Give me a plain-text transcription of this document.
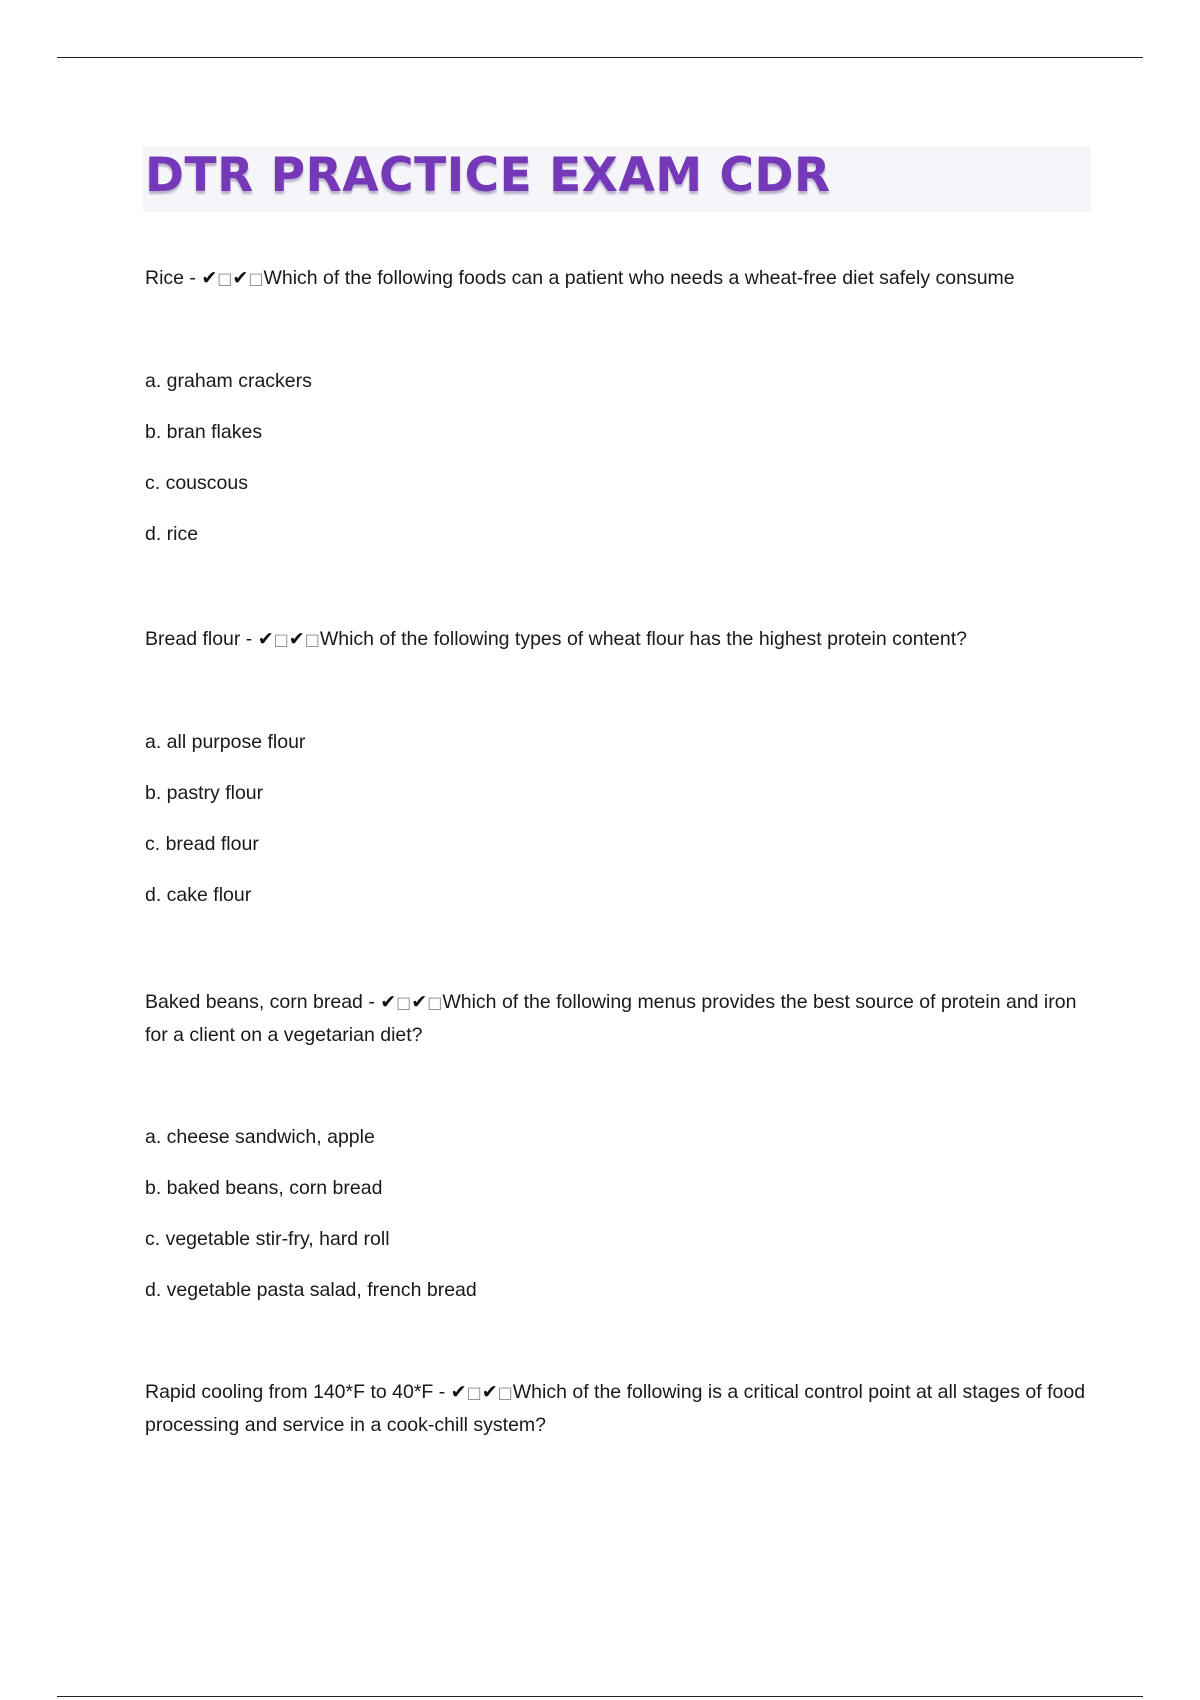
DTR PRACTICE EXAM CDR

Rice - ✔□✔□Which of the following foods can a patient who needs a wheat-free diet safely consume

a. graham crackers
b. bran flakes
c. couscous
d. rice

Bread flour - ✔□✔□Which of the following types of wheat flour has the highest protein content?

a. all purpose flour
b. pastry flour
c. bread flour
d. cake flour

Baked beans, corn bread - ✔□✔□Which of the following menus provides the best source of protein and iron for a client on a vegetarian diet?

a. cheese sandwich, apple
b. baked beans, corn bread
c. vegetable stir-fry, hard roll
d. vegetable pasta salad, french bread

Rapid cooling from 140*F to 40*F - ✔□✔□Which of the following is a critical control point at all stages of food processing and service in a cook-chill system?
